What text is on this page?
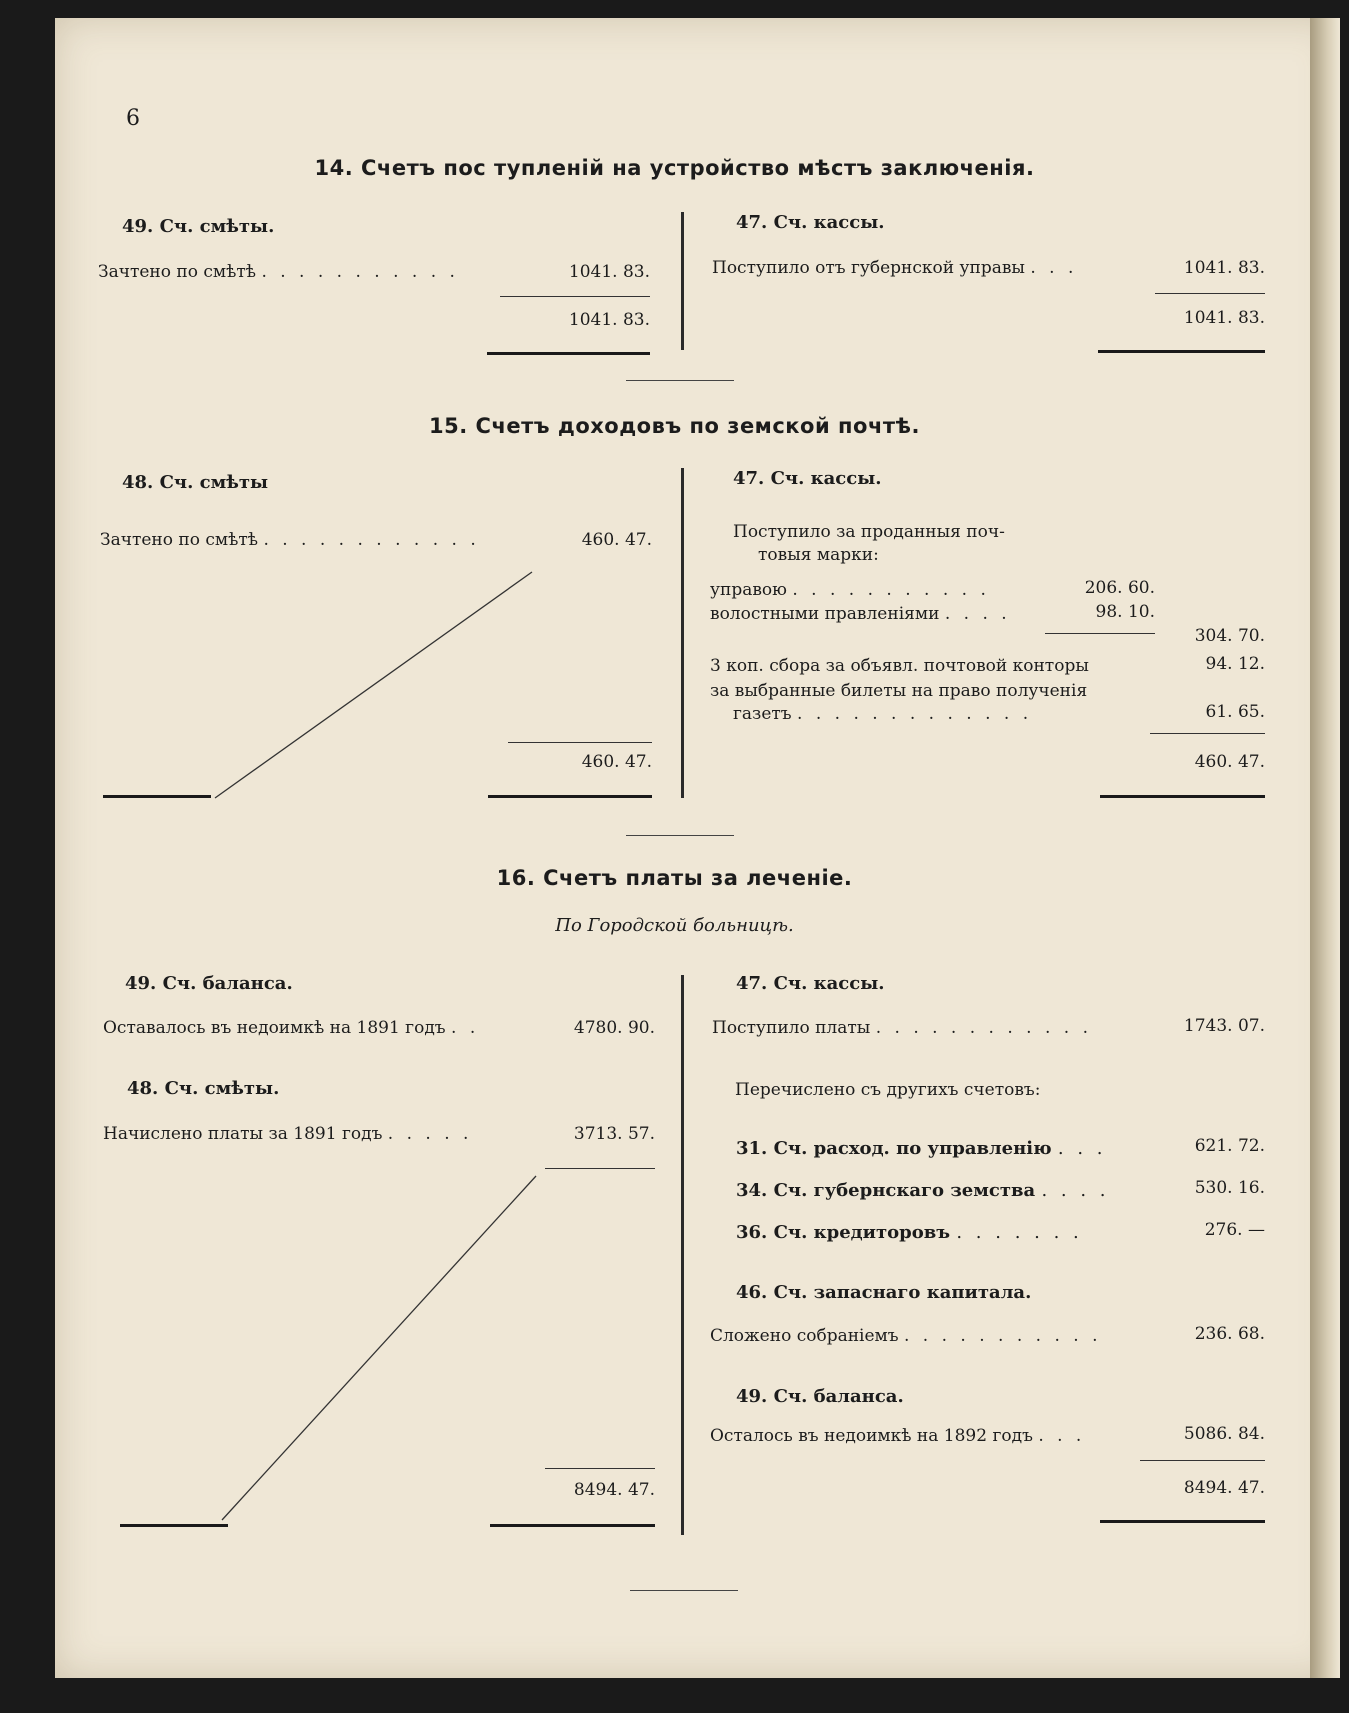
6
14. Счетъ пос тупленій на устройство мѣстъ заключенія.
49. Сч. смѣты.
Зачтено по смѣтѣ . . . . . . . . . . .	1041. 83.
1041. 83.
47. Сч. кассы.
Поступило отъ губернской управы . . .	1041. 83.
1041. 83.
15. Счетъ доходовъ по земской почтѣ.
48. Сч. смѣты
Зачтено по смѣтѣ . . . . . . . . . . . .	460. 47.
460. 47.
47. Сч. кассы.
Поступило за проданныя поч-
товыя марки:
управою . . . . . . . . . . .	206. 60.
волостными правленіями . . . .	98. 10.
304. 70.
3 коп. сбора за объявл. почтовой конторы	94. 12.
за выбранные билеты на право полученія
газетъ . . . . . . . . . . . . .	61. 65.
460. 47.
16. Счетъ платы за леченіе.
По Городской больницѣ.
49. Сч. баланса.
Оставалось въ недоимкѣ на 1891 годъ . .	4780. 90.
48. Сч. смѣты.
Начислено платы за 1891 годъ . . . . .	3713. 57.
8494. 47.
47. Сч. кассы.
Поступило платы . . . . . . . . . . . .	1743. 07.
Перечислено съ другихъ счетовъ:
31. Сч. расход. по управленію . . .	621. 72.
34. Сч. губернскаго земства . . . .	530. 16.
36. Сч. кредиторовъ . . . . . . .	276. —
46. Сч. запаснаго капитала.
Сложено собраніемъ . . . . . . . . . . .	236. 68.
49. Сч. баланса.
Осталось въ недоимкѣ на 1892 годъ . . .	5086. 84.
8494. 47.
